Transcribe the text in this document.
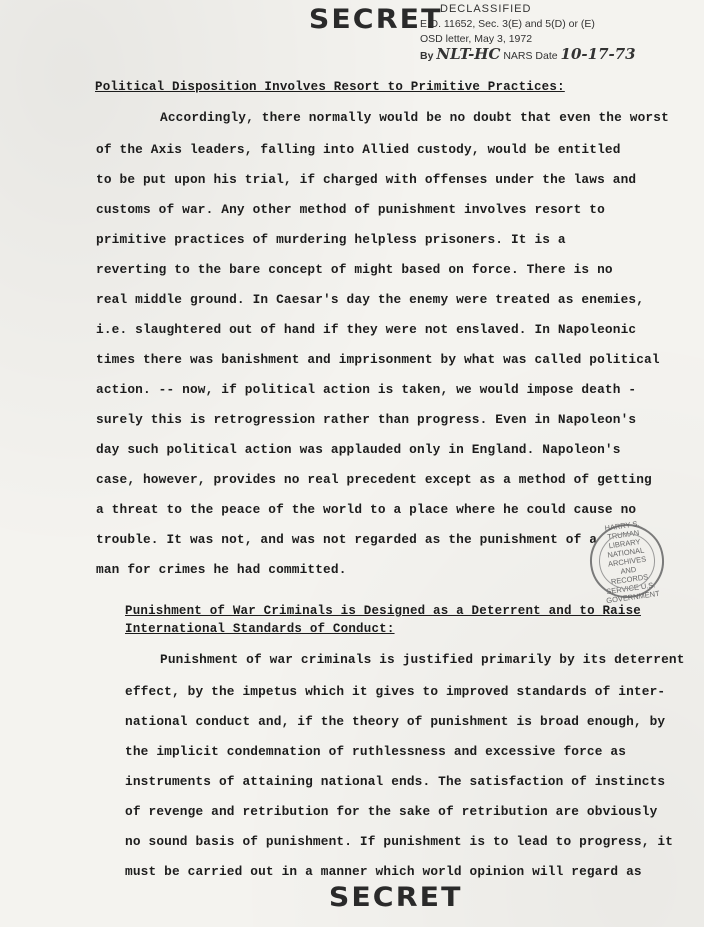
SECRET
DECLASSIFIED
E.O. 11652, Sec. 3(E) and 5(D) or (E)
OSD letter, May 3, 1972
By NLT-HC NARS Date 10-17-73
Political Disposition Involves Resort to Primitive Practices:
Accordingly, there normally would be no doubt that even the worst
of the Axis leaders, falling into Allied custody, would be entitled
to be put upon his trial, if charged with offenses under the laws and
customs of war. Any other method of punishment involves resort to
primitive practices of murdering helpless prisoners. It is a
reverting to the bare concept of might based on force. There is no
real middle ground. In Caesar's day the enemy were treated as enemies,
i.e. slaughtered out of hand if they were not enslaved. In Napoleonic
times there was banishment and imprisonment by what was called political
action. -- now, if political action is taken, we would impose death -
surely this is retrogression rather than progress. Even in Napoleon's
day such political action was applauded only in England. Napoleon's
case, however, provides no real precedent except as a method of getting
a threat to the peace of the world to a place where he could cause no
trouble. It was not, and was not regarded as the punishment of a
man for crimes he had committed.
HARRY S. TRUMAN LIBRARY NATIONAL ARCHIVES AND RECORDS SERVICE U.S. GOVERNMENT
Punishment of War Criminals is Designed as a Deterrent and to Raise
International Standards of Conduct:
Punishment of war criminals is justified primarily by its deterrent
effect, by the impetus which it gives to improved standards of inter-
national conduct and, if the theory of punishment is broad enough, by
the implicit condemnation of ruthlessness and excessive force as
instruments of attaining national ends. The satisfaction of instincts
of revenge and retribution for the sake of retribution are obviously
no sound basis of punishment. If punishment is to lead to progress, it
must be carried out in a manner which world opinion will regard as
SECRET
